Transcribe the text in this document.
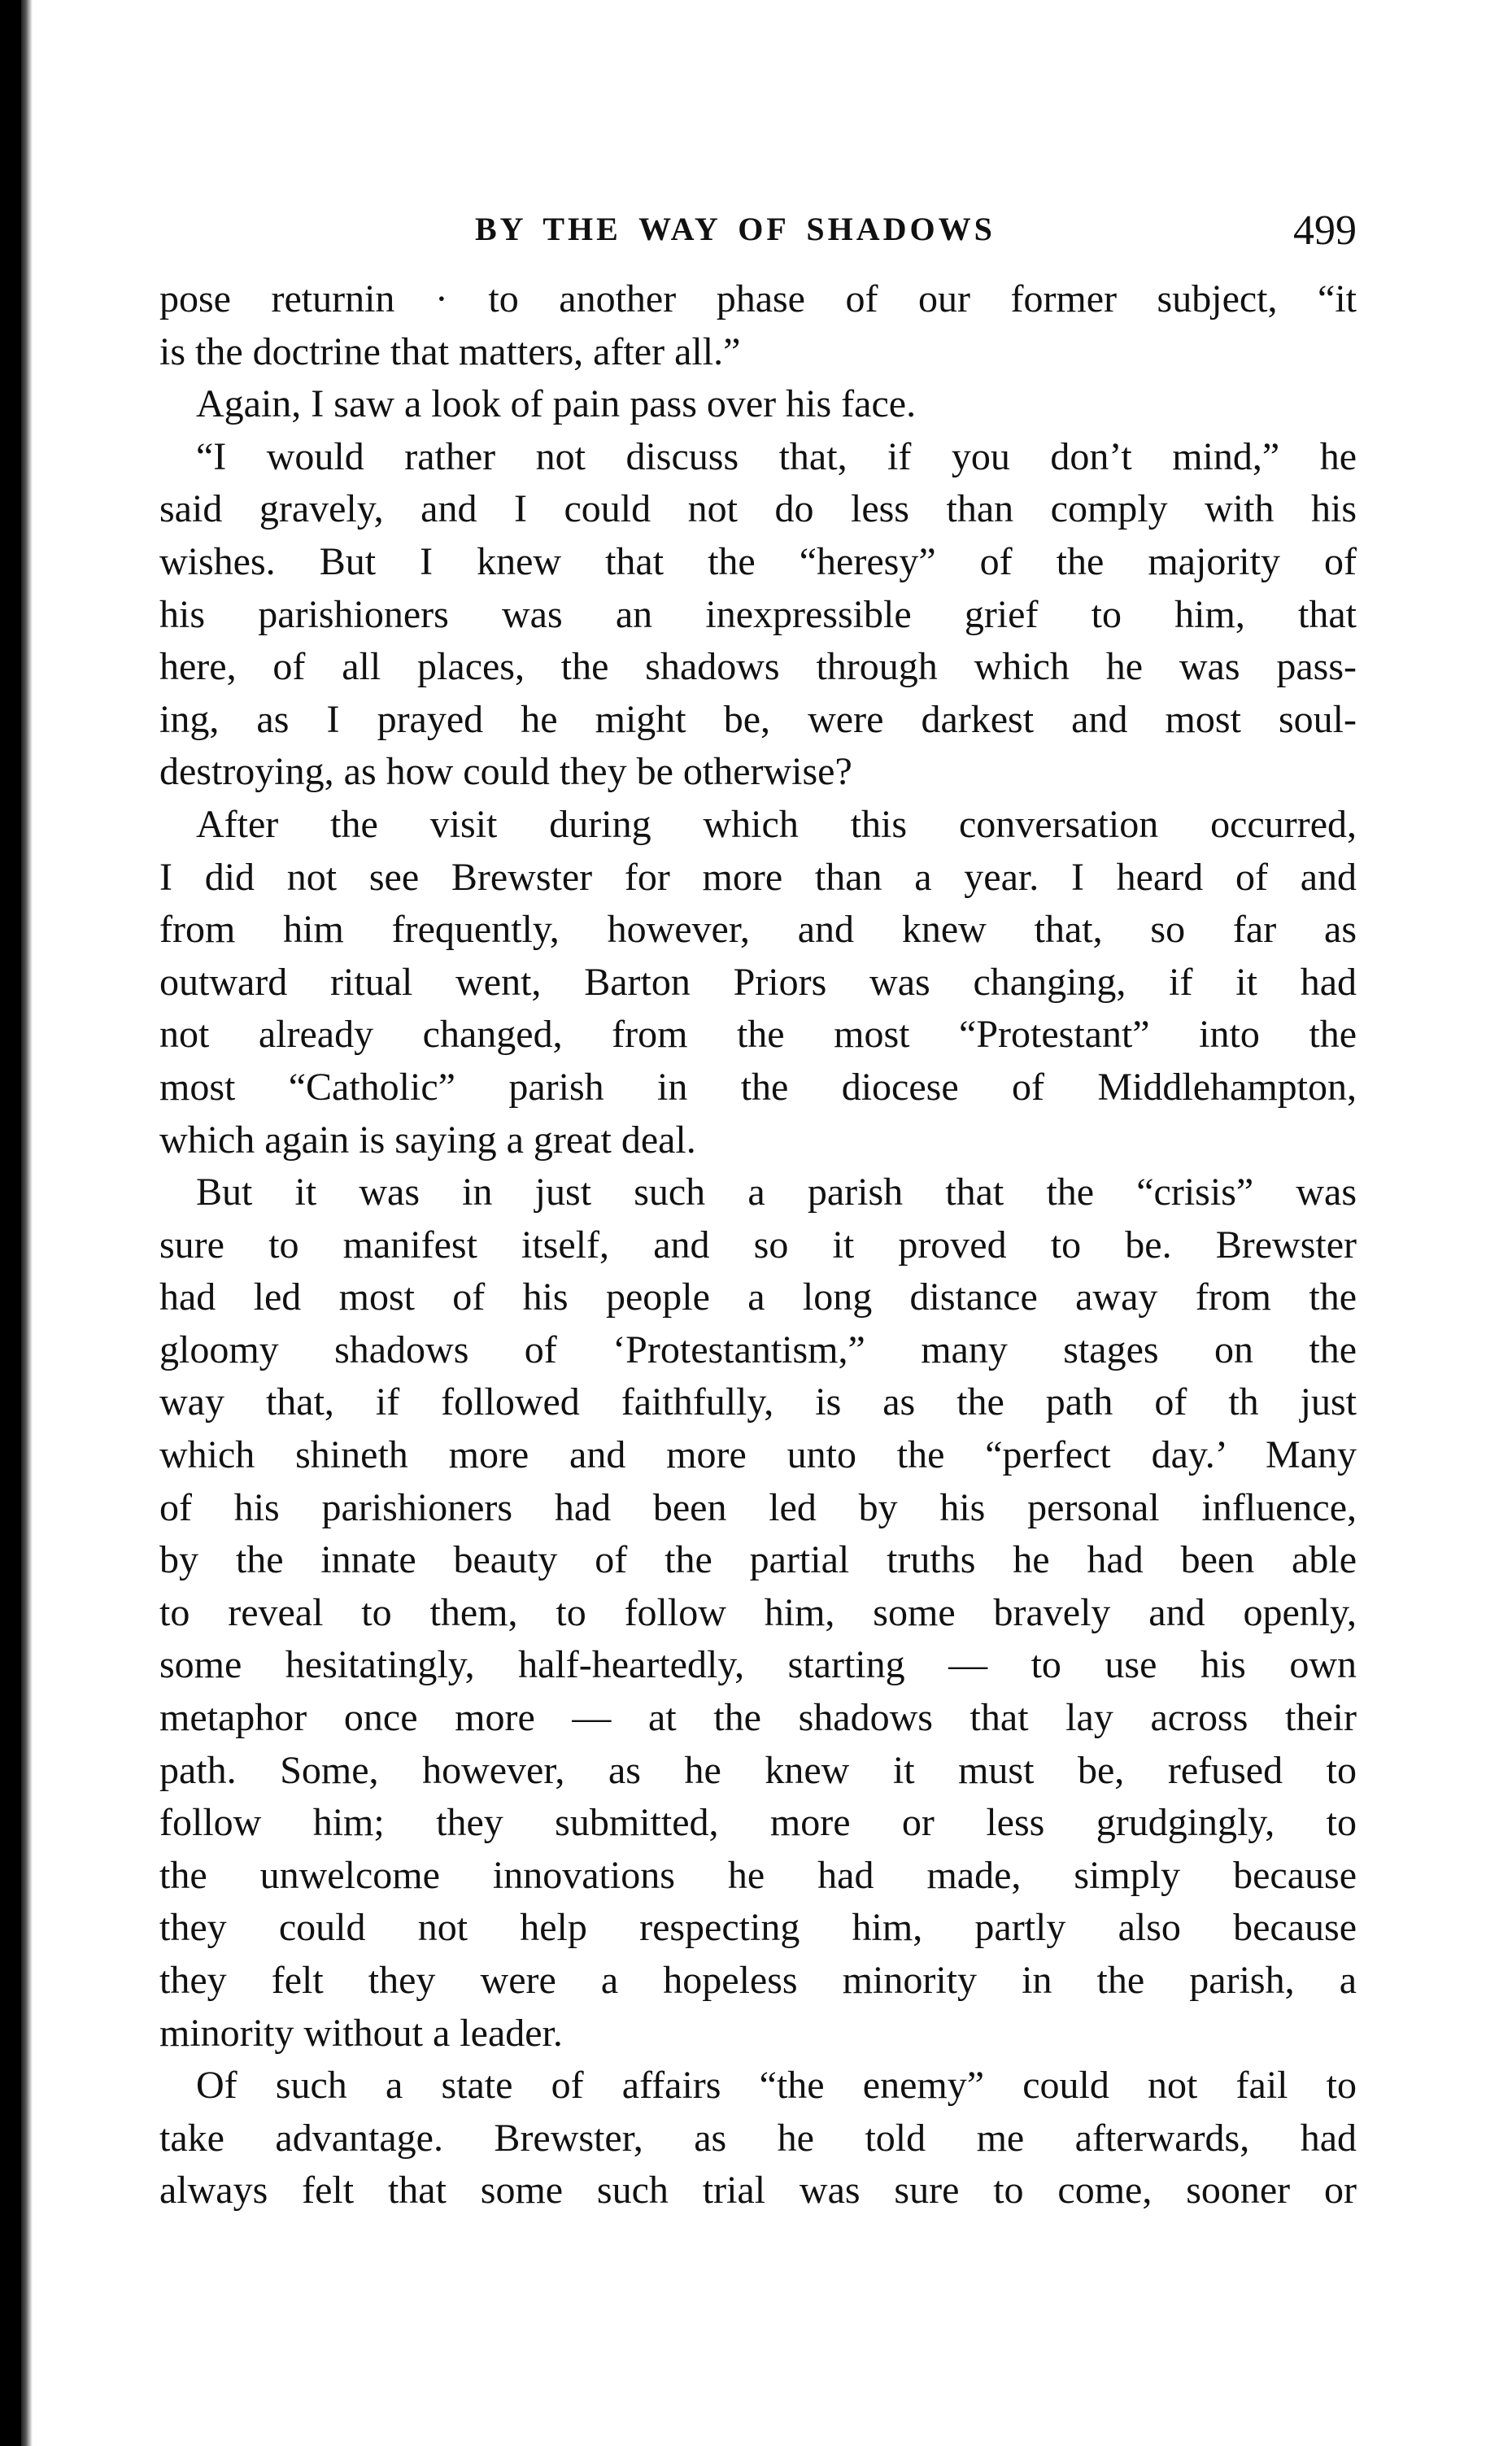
BY THE WAY OF SHADOWS	499
pose returnin · to another phase of our former subject, “it
is the doctrine that matters, after all.”
Again, I saw a look of pain pass over his face.
“I would rather not discuss that, if you don’t mind,” he
said gravely, and I could not do less than comply with his
wishes. But I knew that the “heresy” of the majority of
his parishioners was an inexpressible grief to him, that
here, of all places, the shadows through which he was pass-
ing, as I prayed he might be, were darkest and most soul-
destroying, as how could they be otherwise?
After the visit during which this conversation occurred,
I did not see Brewster for more than a year. I heard of and
from him frequently, however, and knew that, so far as
outward ritual went, Barton Priors was changing, if it had
not already changed, from the most “Protestant” into the
most “Catholic” parish in the diocese of Middlehampton,
which again is saying a great deal.
But it was in just such a parish that the “crisis” was
sure to manifest itself, and so it proved to be. Brewster
had led most of his people a long distance away from the
gloomy shadows of ‘Protestantism,” many stages on the
way that, if followed faithfully, is as the path of th just
which shineth more and more unto the “perfect day.’ Many
of his parishioners had been led by his personal influence,
by the innate beauty of the partial truths he had been able
to reveal to them, to follow him, some bravely and openly,
some hesitatingly, half-heartedly, starting — to use his own
metaphor once more — at the shadows that lay across their
path. Some, however, as he knew it must be, refused to
follow him; they submitted, more or less grudgingly, to
the unwelcome innovations he had made, simply because
they could not help respecting him, partly also because
they felt they were a hopeless minority in the parish, a
minority without a leader.
Of such a state of affairs “the enemy” could not fail to
take advantage. Brewster, as he told me afterwards, had
always felt that some such trial was sure to come, sooner or
